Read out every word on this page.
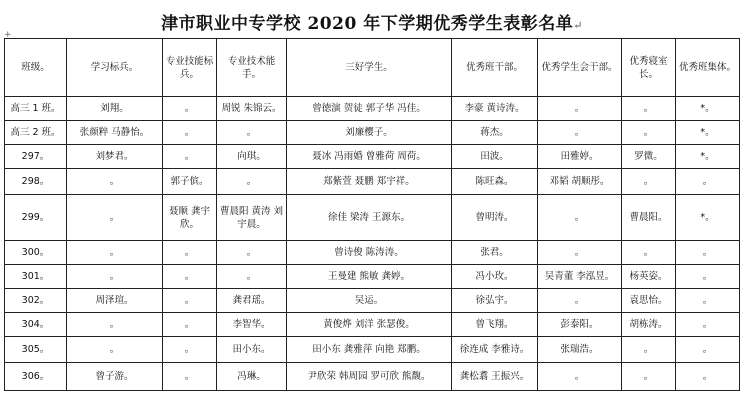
津市职业中专学校 2020 年下学期优秀学生表彰名单↵
+
班级。	学习标兵。	专业技能标兵。	专业技术能手。	三好学生。	优秀班干部。	优秀学生会干部。	优秀寝室长。	优秀班集体。
高三 1 班。	刘翔。	。	周锐 朱锦云。	曾徳演 贺徒 郭子华 冯佳。	李豪 黄诗涛。	。	。	*。
高三 2 班。	张颜粹 马静怡。	。	。	刘廉樱子。	蒋杰。	。	。	*。
297。	刘梦君。	。	向琪。	聂冰 冯雨婚 曾雅荷 周荷。	田波。	田雅婷。	罗微。	*。
298。	。	郭子傧。	。	郑紫萱 聂鹏 郑宇祥。	陈旺森。	邓韬 胡顺彤。	。	。
299。	。	聂顺 龚宇欣。	曹晨阳 黄涛 刘宇晨。	徐佳 梁涛 王源东。	曾明涛。	。	曹晨阳。	*。
300。	。	。	。	曾诗俊 陈涛涛。	张君。	。	。	。
301。	。	。	。	王曼建 熊敏 龚婷。	冯小玫。	吴青董 李泓昱。	杨英姿。	。
302。	周泽瑄。	。	龚君瑶。	吴运。	徐弘宇。	。	袁思怡。	。
304。	。	。	李智华。	黄俊烨 刘洋 张瑟俊。	曾飞翔。	彭泰阳。	胡栋涛。	。
305。	。	。	田小东。	田小东 龚雅萍 向艳 郑鹏。	徐连成 李雅诗。	张瑞浩。	。	。
306。	曾子游。	。	冯琳。	尹欣荣 韩周园 罗可欣 熊馥。	龚松翥 王振兴。	。	。	。
